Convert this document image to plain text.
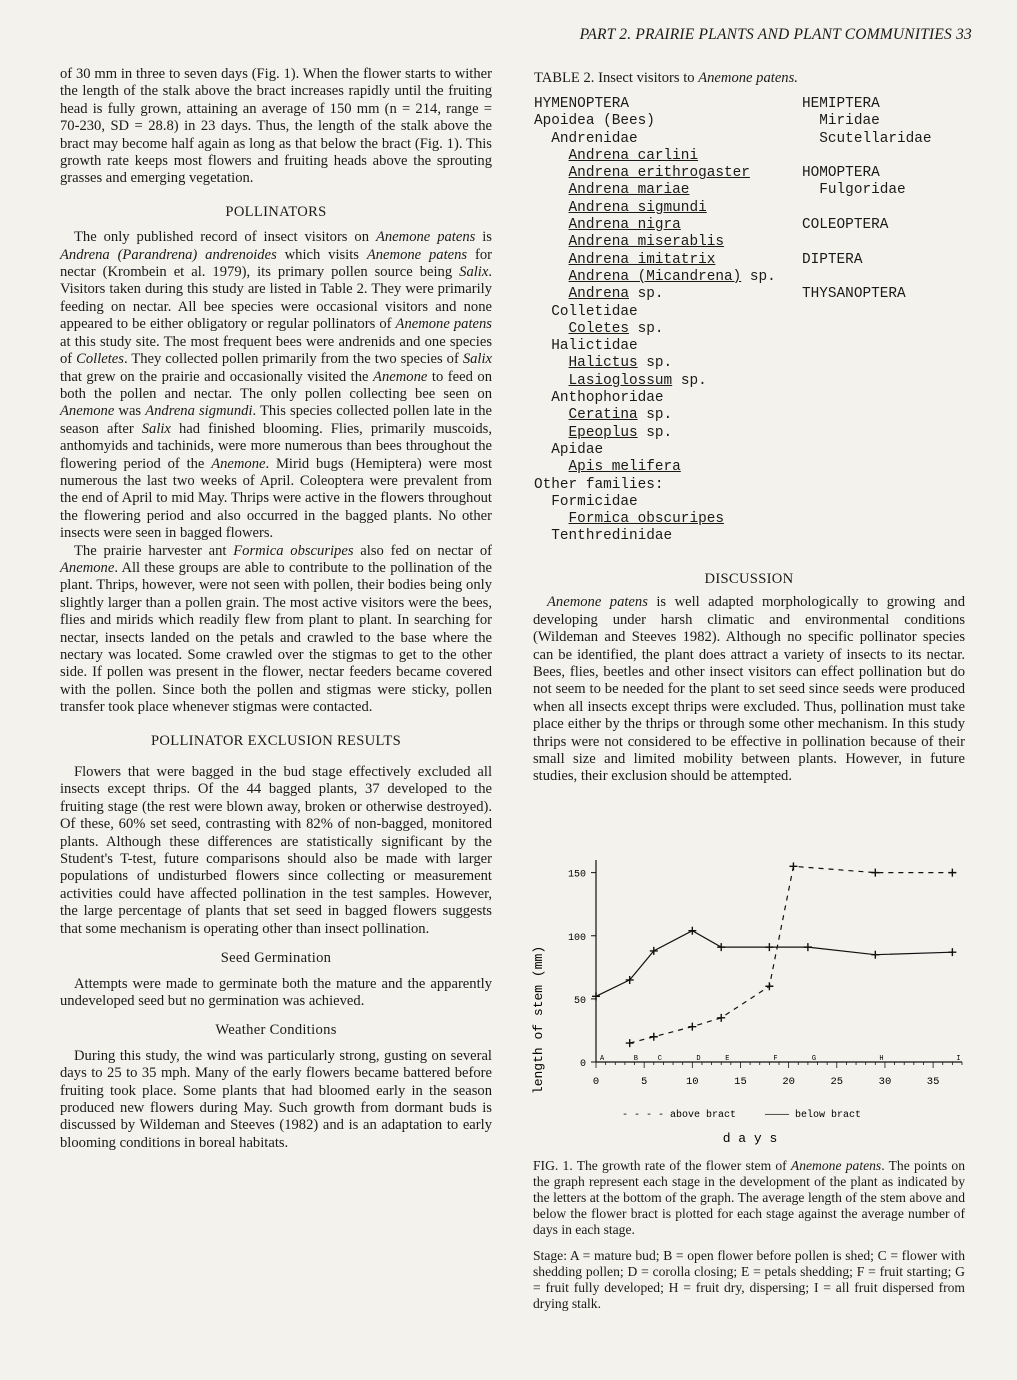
PART 2. PRAIRIE PLANTS AND PLANT COMMUNITIES 33

of 30 mm in three to seven days (Fig. 1). When the flower starts to wither the length of the stalk above the bract increases rapidly until the fruiting head is fully grown, attaining an average of 150 mm (n = 214, range = 70-230, SD = 28.8) in 23 days. Thus, the length of the stalk above the bract may become half again as long as that below the bract (Fig. 1). This growth rate keeps most flowers and fruiting heads above the sprouting grasses and emerging vegetation.

POLLINATORS

The only published record of insect visitors on Anemone patens is Andrena (Parandrena) andrenoides which visits Anemone patens for nectar (Krombein et al. 1979), its primary pollen source being Salix. Visitors taken during this study are listed in Table 2. They were primarily feeding on nectar. All bee species were occasional visitors and none appeared to be either obligatory or regular pollinators of Anemone patens at this study site. The most frequent bees were andrenids and one species of Colletes. They collected pollen primarily from the two species of Salix that grew on the prairie and occasionally visited the Anemone to feed on both the pollen and nectar. The only pollen collecting bee seen on Anemone was Andrena sigmundi. This species collected pollen late in the season after Salix had finished blooming. Flies, primarily muscoids, anthomyids and tachinids, were more numerous than bees throughout the flowering period of the Anemone. Mirid bugs (Hemiptera) were most numerous the last two weeks of April. Coleoptera were prevalent from the end of April to mid May. Thrips were active in the flowers throughout the flowering period and also occurred in the bagged plants. No other insects were seen in bagged flowers.

The prairie harvester ant Formica obscuripes also fed on nectar of Anemone. All these groups are able to contribute to the pollination of the plant. Thrips, however, were not seen with pollen, their bodies being only slightly larger than a pollen grain. The most active visitors were the bees, flies and mirids which readily flew from plant to plant. In searching for nectar, insects landed on the petals and crawled to the base where the nectary was located. Some crawled over the stigmas to get to the other side. If pollen was present in the flower, nectar feeders became covered with the pollen. Since both the pollen and stigmas were sticky, pollen transfer took place whenever stigmas were contacted.

POLLINATOR EXCLUSION RESULTS

Flowers that were bagged in the bud stage effectively excluded all insects except thrips. Of the 44 bagged plants, 37 developed to the fruiting stage (the rest were blown away, broken or otherwise destroyed). Of these, 60% set seed, contrasting with 82% of non-bagged, monitored plants. Although these differences are statistically significant by the Student's T-test, future comparisons should also be made with larger populations of undisturbed flowers since collecting or measurement activities could have affected pollination in the test samples. However, the large percentage of plants that set seed in bagged flowers suggests that some mechanism is operating other than insect pollination.

Seed Germination

Attempts were made to germinate both the mature and the apparently undeveloped seed but no germination was achieved.

Weather Conditions

During this study, the wind was particularly strong, gusting on several days to 25 to 35 mph. Many of the early flowers became battered before fruiting took place. Some plants that had bloomed early in the season produced new flowers during May. Such growth from dormant buds is discussed by Wildeman and Steeves (1982) and is an adaptation to early blooming conditions in boreal habitats.

TABLE 2. Insect visitors to Anemone patens.
HYMENOPTERA
Apoidea (Bees)
Andrenidae
Andrena carlini
Andrena erithrogaster
Andrena mariae
Andrena sigmundi
Andrena nigra
Andrena miserablis
Andrena imitatrix
Andrena (Micandrena) sp.
Andrena sp.
Colletidae
Coletes sp.
Halictidae
Halictus sp.
Lasioglossum sp.
Anthophoridae
Ceratina sp.
Epeoplus sp.
Apidae
Apis melifera
Other families:
Formicidae
Formica obscuripes
Tenthredinidae
HEMIPTERA
Miridae
Scutellaridae

HOMOPTERA
Fulgoridae

COLEOPTERA

DIPTERA

THYSANOPTERA
DISCUSSION

Anemone patens is well adapted morphologically to growing and developing under harsh climatic and environmental conditions (Wildeman and Steeves 1982). Although no specific pollinator species can be identified, the plant does attract a variety of insects to its nectar. Bees, flies, beetles and other insect visitors can effect pollination but do not seem to be needed for the plant to set seed since seeds were produced when all insects except thrips were excluded. Thus, pollination must take place either by the thrips or through some other mechanism. In this study thrips were not considered to be effective in pollination because of their small size and limited mobility between plants. However, in future studies, their exclusion should be attempted.

0
50
100
150
0	5	10	15	20	25	30	35
A	B	C	D	E	F	G	H	I
length of stem (mm)
- - - - above bract	———— below bract
d a y s

FIG. 1. The growth rate of the flower stem of Anemone patens. The points on the graph represent each stage in the development of the plant as indicated by the letters at the bottom of the graph. The average length of the stem above and below the flower bract is plotted for each stage against the average number of days in each stage.

Stage: A = mature bud; B = open flower before pollen is shed; C = flower with shedding pollen; D = corolla closing; E = petals shedding; F = fruit starting; G = fruit fully developed; H = fruit dry, dispersing; I = all fruit dispersed from drying stalk.
